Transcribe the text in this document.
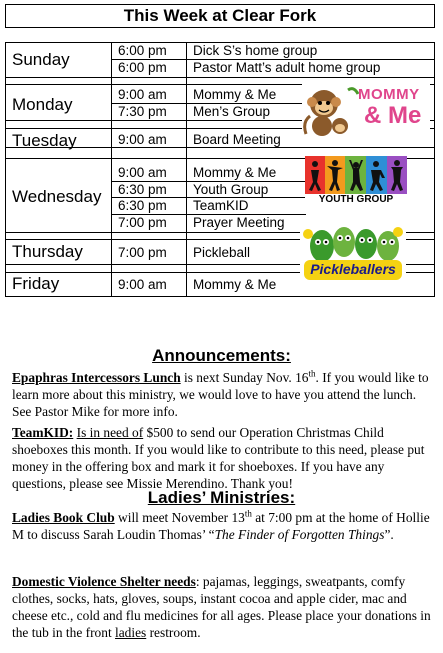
This Week at Clear Fork
Sunday	6:00 pm Dick S’s home group
6:00 pm Pastor Matt’s adult home group
Monday
9:00 am Mommy & Me
7:30 pm Men’s Group
Tuesday	9:00 am Board Meeting
Wednesday
9:00 am Mommy & Me
6:30 pm Youth Group
6:30 pm TeamKID
7:00 pm Prayer Meeting
Thursday	7:00 pm Pickleball
Friday	9:00 am Mommy & Me
MOMMY
& Me
YOUTH GROUP
Pickleballers
Announcements:

Epaphras Intercessors Lunch is next Sunday Nov. 16th. If you would like to learn more about this ministry, we would love to have you attend the lunch. See Pastor Mike for more info.

TeamKID: Is in need of $500 to send our Operation Christmas Child shoeboxes this month. If you would like to contribute to this need, please put money in the offering box and mark it for shoeboxes. If you have any questions, please see Missie Merendino. Thank you!

Ladies’ Ministries:

Ladies Book Club will meet November 13th at 7:00 pm at the home of Hollie M to discuss Sarah Loudin Thomas’ “The Finder of Forgotten Things”.

Domestic Violence Shelter needs: pajamas, leggings, sweatpants, comfy clothes, socks, hats, gloves, soups, instant cocoa and apple cider, mac and cheese etc., cold and flu medicines for all ages. Please place your donations in the tub in the front ladies restroom.
